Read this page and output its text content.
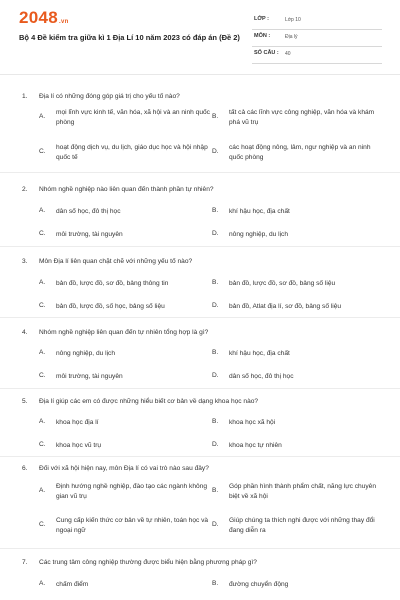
2048.vn
Bộ 4 Đề kiểm tra giữa kì 1 Địa Lí 10 năm 2023 có đáp án (Đề 2)
LỚP :	Lớp 10
MÔN :	Địa lý
SỐ CÂU : 40
1. Địa lí có những đóng góp giá trị cho yếu tố nào?
A.
mọi lĩnh vực kinh tế, văn hóa, xã hội và an ninh quốc phòng
B.
tất cả các lĩnh vực công nghiệp, văn hóa và khám phá vũ trụ
C.
hoạt động dịch vụ, du lịch, giáo dục học và hội nhập quốc tế
D.
các hoạt động nông, lâm, ngư nghiệp và an ninh quốc phòng
2. Nhóm nghề nghiệp nào liên quan đến thành phần tự nhiên?
A. dân số học, đô thị học	B. khí hậu học, địa chất
C. môi trường, tài nguyên	D. nông nghiệp, du lịch
3. Môn Địa lí liên quan chặt chẽ với những yếu tố nào?
A. bản đồ, lược đồ, sơ đồ, bảng thông tin	B. bản đồ, lược đồ, sơ đồ, bảng số liệu
C. bản đồ, lược đồ, số học, bảng số liệu	D. bản đồ, Atlat địa lí, sơ đồ, bảng số liệu
4. Nhóm nghề nghiệp liên quan đến tự nhiên tổng hợp là gì?
A. nông nghiệp, du lịch	B. khí hậu học, địa chất
C. môi trường, tài nguyên	D. dân số học, đô thị học
5. Địa lí giúp các em có được những hiểu biết cơ bản về dạng khoa học nào?
A. khoa học địa lí	B. khoa học xã hội
C. khoa học vũ trụ	D. khoa học tự nhiên
6. Đối với xã hội hiện nay, môn Địa lí có vai trò nào sau đây?
A.
Định hướng nghề nghiệp, đào tạo các ngành không gian vũ trụ
B.
Góp phần hình thành phẩm chất, năng lực chuyên biệt về xã hội
C.
Cung cấp kiến thức cơ bản về tự nhiên, toán học và ngoại ngữ
D.
Giúp chúng ta thích nghi được với những thay đổi đang diễn ra
7. Các trung tâm công nghiệp thường được biểu hiện bằng phương pháp gì?
A. chấm điểm	B. đường chuyển động
